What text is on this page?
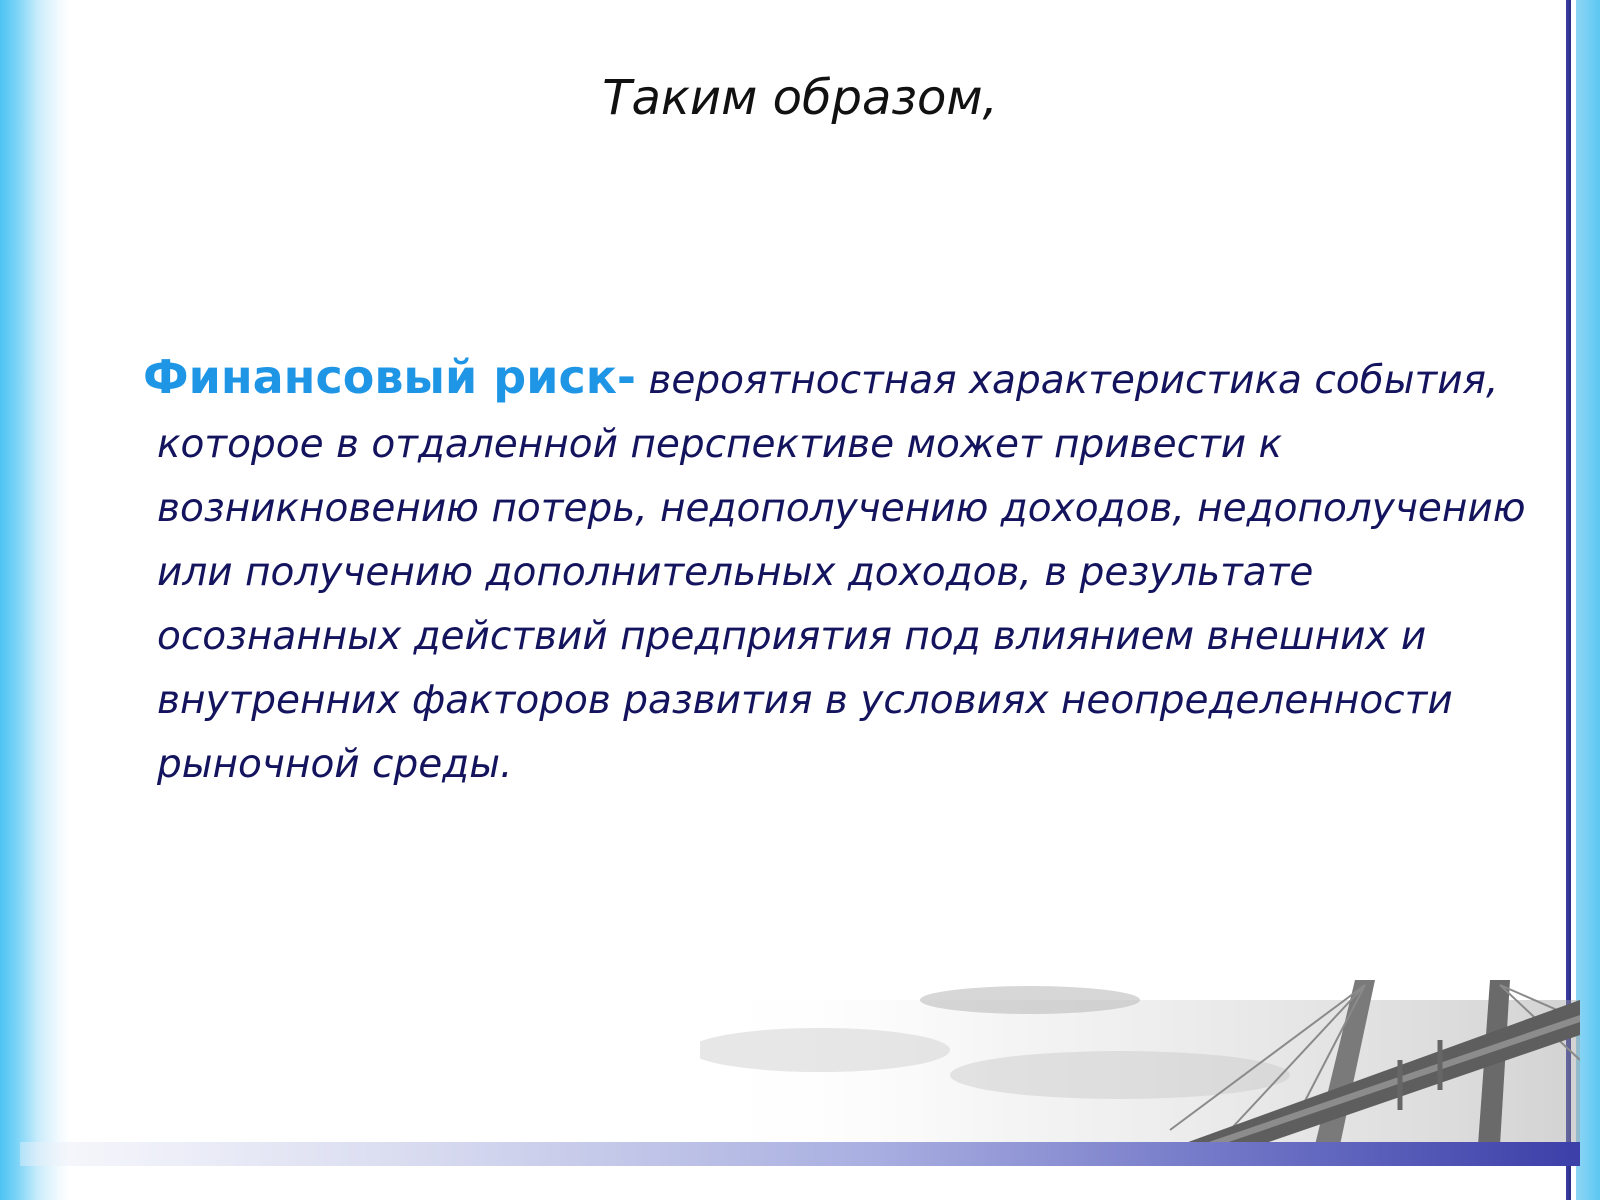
Таким образом,

Финансовый риск- вероятностная характеристика события, которое в отдаленной перспективе может привести к возникновению потерь, недополучению доходов, недополучению или получению дополнительных доходов, в результате осознанных действий предприятия под влиянием внешних и внутренних факторов развития в условиях неопределенности рыночной среды.
